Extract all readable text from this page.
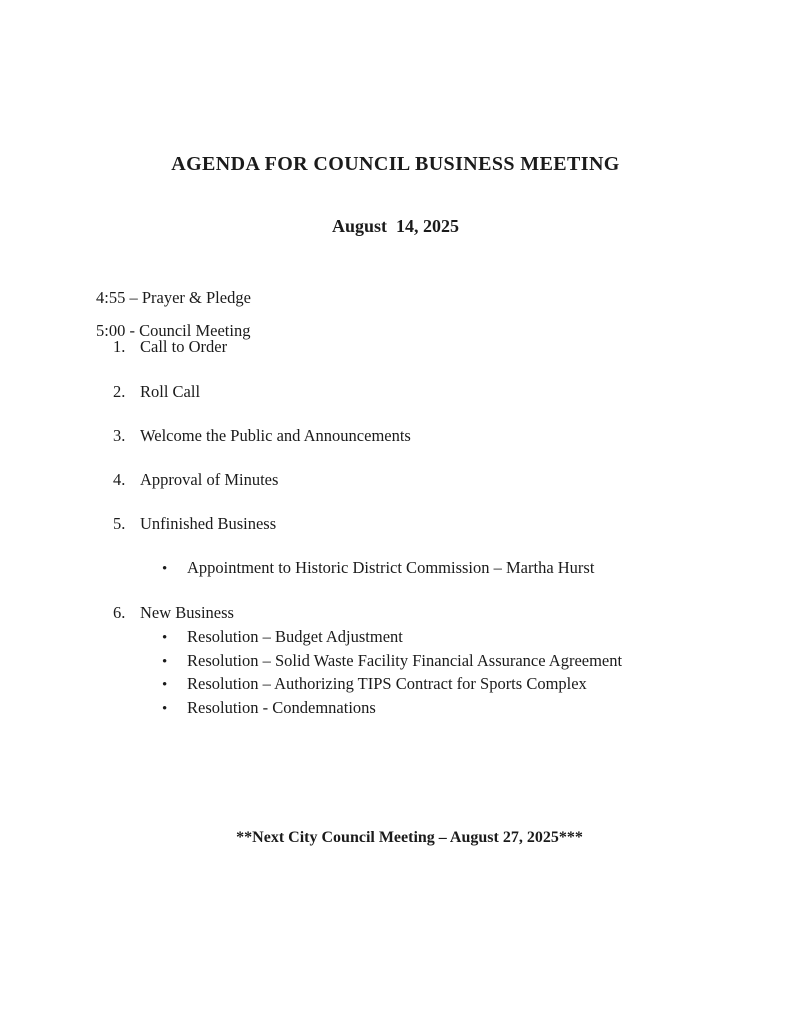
AGENDA FOR COUNCIL BUSINESS MEETING
August  14, 2025

4:55 – Prayer & Pledge

5:00 - Council Meeting

1. Call to Order
2. Roll Call
3. Welcome the Public and Announcements
4. Approval of Minutes
5. Unfinished Business
•	Appointment to Historic District Commission – Martha Hurst
6. New Business
•	Resolution – Budget Adjustment
•	Resolution – Solid Waste Facility Financial Assurance Agreement
•	Resolution – Authorizing TIPS Contract for Sports Complex
•	Resolution - Condemnations
**Next City Council Meeting – August 27, 2025***
